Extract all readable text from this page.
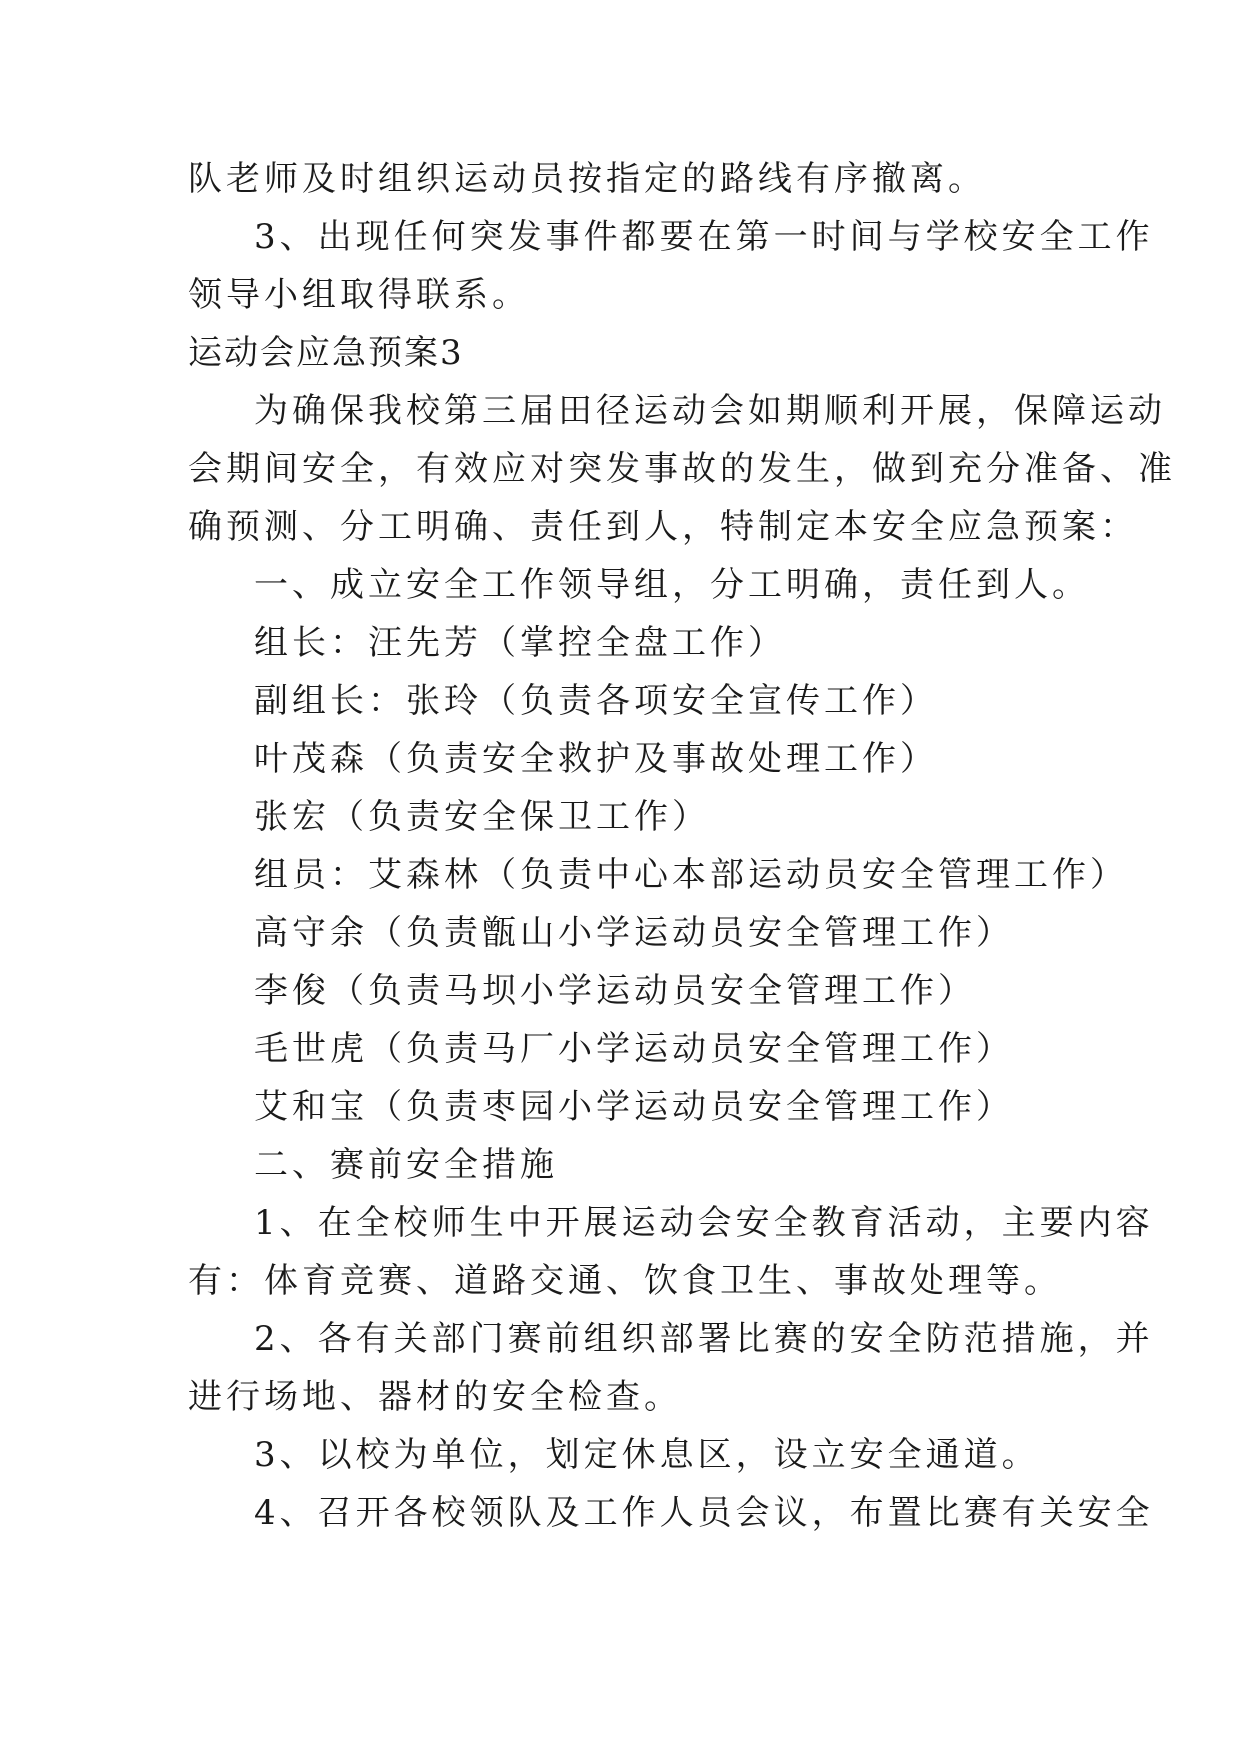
队老师及时组织运动员按指定的路线有序撤离。
3、出现任何突发事件都要在第一时间与学校安全工作
领导小组取得联系。
运动会应急预案3
为确保我校第三届田径运动会如期顺利开展，保障运动
会期间安全，有效应对突发事故的发生，做到充分准备、准
确预测、分工明确、责任到人，特制定本安全应急预案：
一、成立安全工作领导组，分工明确，责任到人。
组长：汪先芳（掌控全盘工作）
副组长：张玲（负责各项安全宣传工作）
叶茂森（负责安全救护及事故处理工作）
张宏（负责安全保卫工作）
组员：艾森林（负责中心本部运动员安全管理工作）
高守余（负责甑山小学运动员安全管理工作）
李俊（负责马坝小学运动员安全管理工作）
毛世虎（负责马厂小学运动员安全管理工作）
艾和宝（负责枣园小学运动员安全管理工作）
二、赛前安全措施
1、在全校师生中开展运动会安全教育活动，主要内容
有：体育竞赛、道路交通、饮食卫生、事故处理等。
2、各有关部门赛前组织部署比赛的安全防范措施，并
进行场地、器材的安全检查。
3、以校为单位，划定休息区，设立安全通道。
4、召开各校领队及工作人员会议，布置比赛有关安全
